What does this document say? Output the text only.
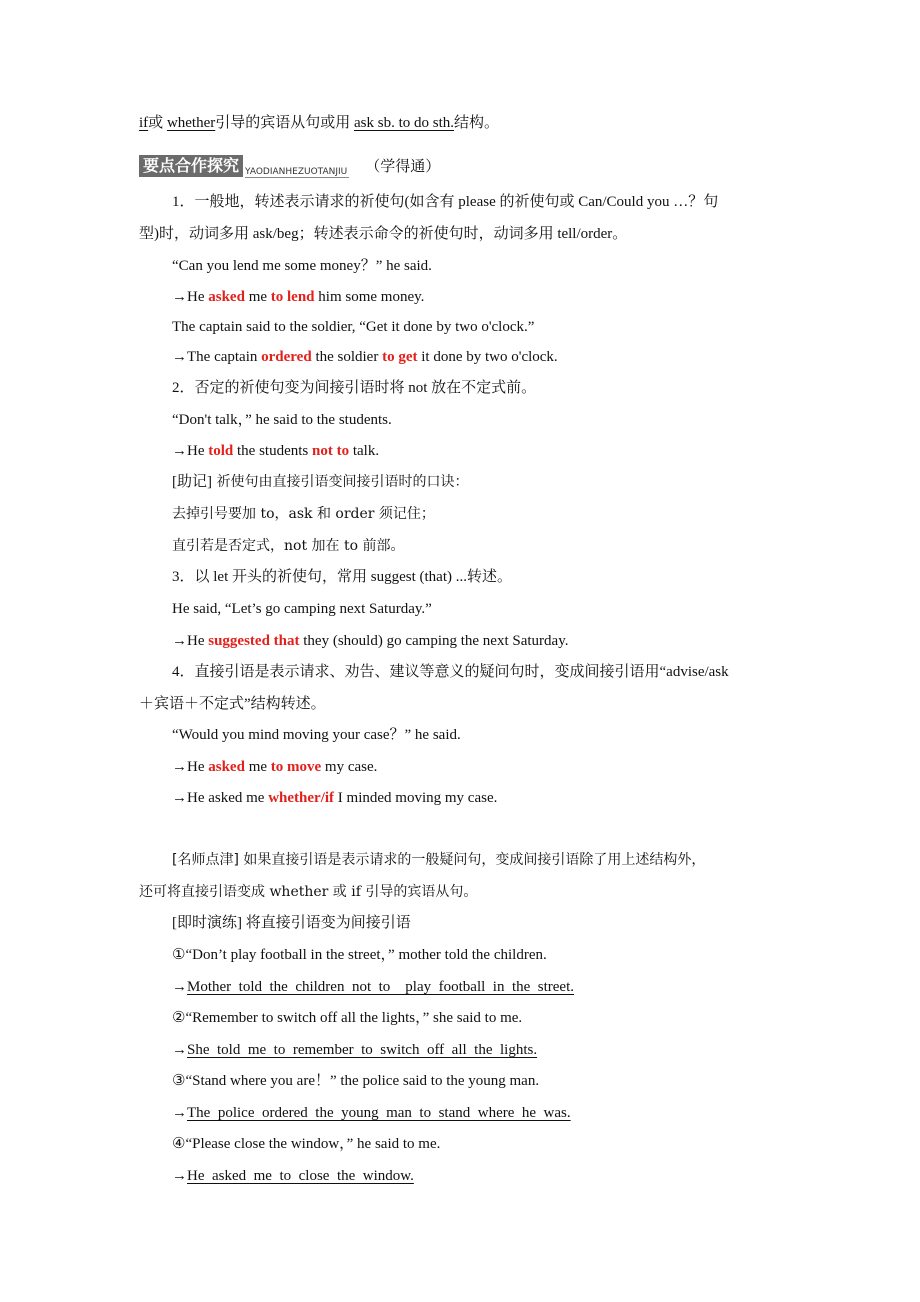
if或 whether引导的宾语从句或用 ask sb. to do sth.结构。
要点合作探究 $_{YAODIANHEZUOTANJIU}$ （学得通）
1．一般地，转述表示请求的祈使句(如含有 please 的祈使句或 Can/Could you …？句
型)时，动词多用 ask/beg；转述表示命令的祈使句时，动词多用 tell/order。
“Can you lend me some money？” he said.
→He asked me to lend him some money.
The captain said to the soldier, “Get it done by two o'clock.”
→The captain ordered the soldier to get it done by two o'clock.
2．否定的祈使句变为间接引语时将 not 放在不定式前。
“Don't talk，” he said to the students.
→He told the students not to talk.
[助记] 祈使句由直接引语变间接引语时的口诀：
去掉引号要加 to，ask 和 order 须记住；
直引若是否定式，not 加在 to 前部。
3．以 let 开头的祈使句，常用 suggest (that) ...转述。
He said, “Let’s go camping next Saturday.”
→He suggested that they (should) go camping the next Saturday.
4．直接引语是表示请求、劝告、建议等意义的疑问句时，变成间接引语用“advise/ask
＋宾语＋不定式”结构转述。
“Would you mind moving your case？” he said.
→He asked me to move my case.
→He asked me whether/if I minded moving my case.
[名师点津] 如果直接引语是表示请求的一般疑问句，变成间接引语除了用上述结构外，
还可将直接引语变成 whether 或 if 引导的宾语从句。
[即时演练] 将直接引语变为间接引语
①“Don’t play football in the street，” mother told the children.
→Mother  told  the  children  not  to    play  football  in  the  street.
②“Remember to switch off all the lights，” she said to me.
→She  told  me  to  remember  to  switch  off  all  the  lights.
③“Stand where you are！” the police said to the young man.
→The  police  ordered  the  young  man  to  stand  where  he  was.
④“Please close the window，” he said to me.
→He  asked  me  to  close  the  window.
